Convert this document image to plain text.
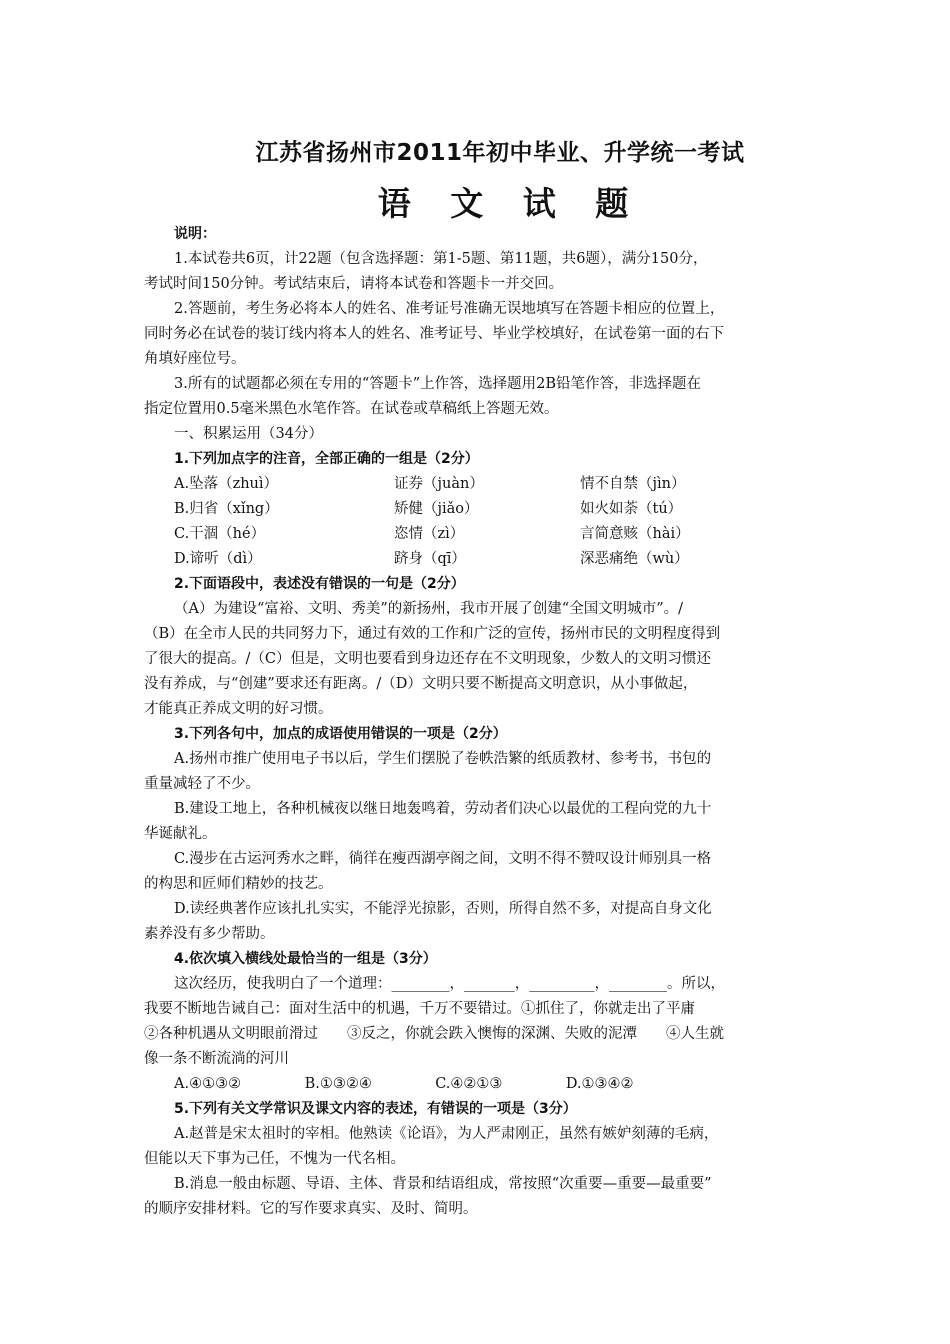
江苏省扬州市2011年初中毕业、升学统一考试
语 文 试 题
说明：
1.本试卷共6页，计22题（包含选择题：第1-5题、第11题，共6题），满分150分，
考试时间150分钟。考试结束后，请将本试卷和答题卡一并交回。
2.答题前，考生务必将本人的姓名、准考证号准确无误地填写在答题卡相应的位置上，
同时务必在试卷的装订线内将本人的姓名、准考证号、毕业学校填好，在试卷第一面的右下
角填好座位号。
3.所有的试题都必须在专用的“答题卡”上作答，选择题用2B铅笔作答，非选择题在
指定位置用0.5毫米黑色水笔作答。在试卷或草稿纸上答题无效。
一、积累运用（34分）
1.下列加点字的注音，全部正确的一组是（2分）
A.坠落（zhuì）	证券（juàn）	情不自禁（jìn）
B.归省（xǐng）	矫健（jiǎo）	如火如荼（tú）
C.干涸（hé）	恣情（zì）	言简意赅（hài）
D.谛听（dì）	跻身（qī）	深恶痛绝（wù）
2.下面语段中，表述没有错误的一句是（2分）
（A）为建设“富裕、文明、秀美”的新扬州，我市开展了创建“全国文明城市”。/
（B）在全市人民的共同努力下，通过有效的工作和广泛的宣传，扬州市民的文明程度得到
了很大的提高。/（C）但是，文明也要看到身边还存在不文明现象，少数人的文明习惯还
没有养成，与“创建”要求还有距离。/（D）文明只要不断提高文明意识，从小事做起，
才能真正养成文明的好习惯。
3.下列各句中，加点的成语使用错误的一项是（2分）
A.扬州市推广使用电子书以后，学生们摆脱了卷帙浩繁的纸质教材、参考书，书包的
重量减轻了不少。
B.建设工地上，各种机械夜以继日地轰鸣着，劳动者们决心以最优的工程向党的九十
华诞献礼。
C.漫步在古运河秀水之畔，徜徉在瘦西湖亭阁之间，文明不得不赞叹设计师别具一格
的构思和匠师们精妙的技艺。
D.读经典著作应该扎扎实实，不能浮光掠影，否则，所得自然不多，对提高自身文化
素养没有多少帮助。
4.依次填入横线处最恰当的一组是（3分）
这次经历，使我明白了一个道理：________，_______，_________，________。所以，
我要不断地告诫自己：面对生活中的机遇，千万不要错过。①抓住了，你就走出了平庸
②各种机遇从文明眼前滑过　　③反之，你就会跌入懊悔的深渊、失败的泥潭　　④人生就
像一条不断流淌的河川
A.④①③②	B.①③②④	C.④②①③	D.①③④②
5.下列有关文学常识及课文内容的表述，有错误的一项是（3分）
A.赵普是宋太祖时的宰相。他熟读《论语》，为人严肃刚正，虽然有嫉妒刻薄的毛病，
但能以天下事为己任，不愧为一代名相。
B.消息一般由标题、导语、主体、背景和结语组成，常按照“次重要—重要—最重要”
的顺序安排材料。它的写作要求真实、及时、简明。
